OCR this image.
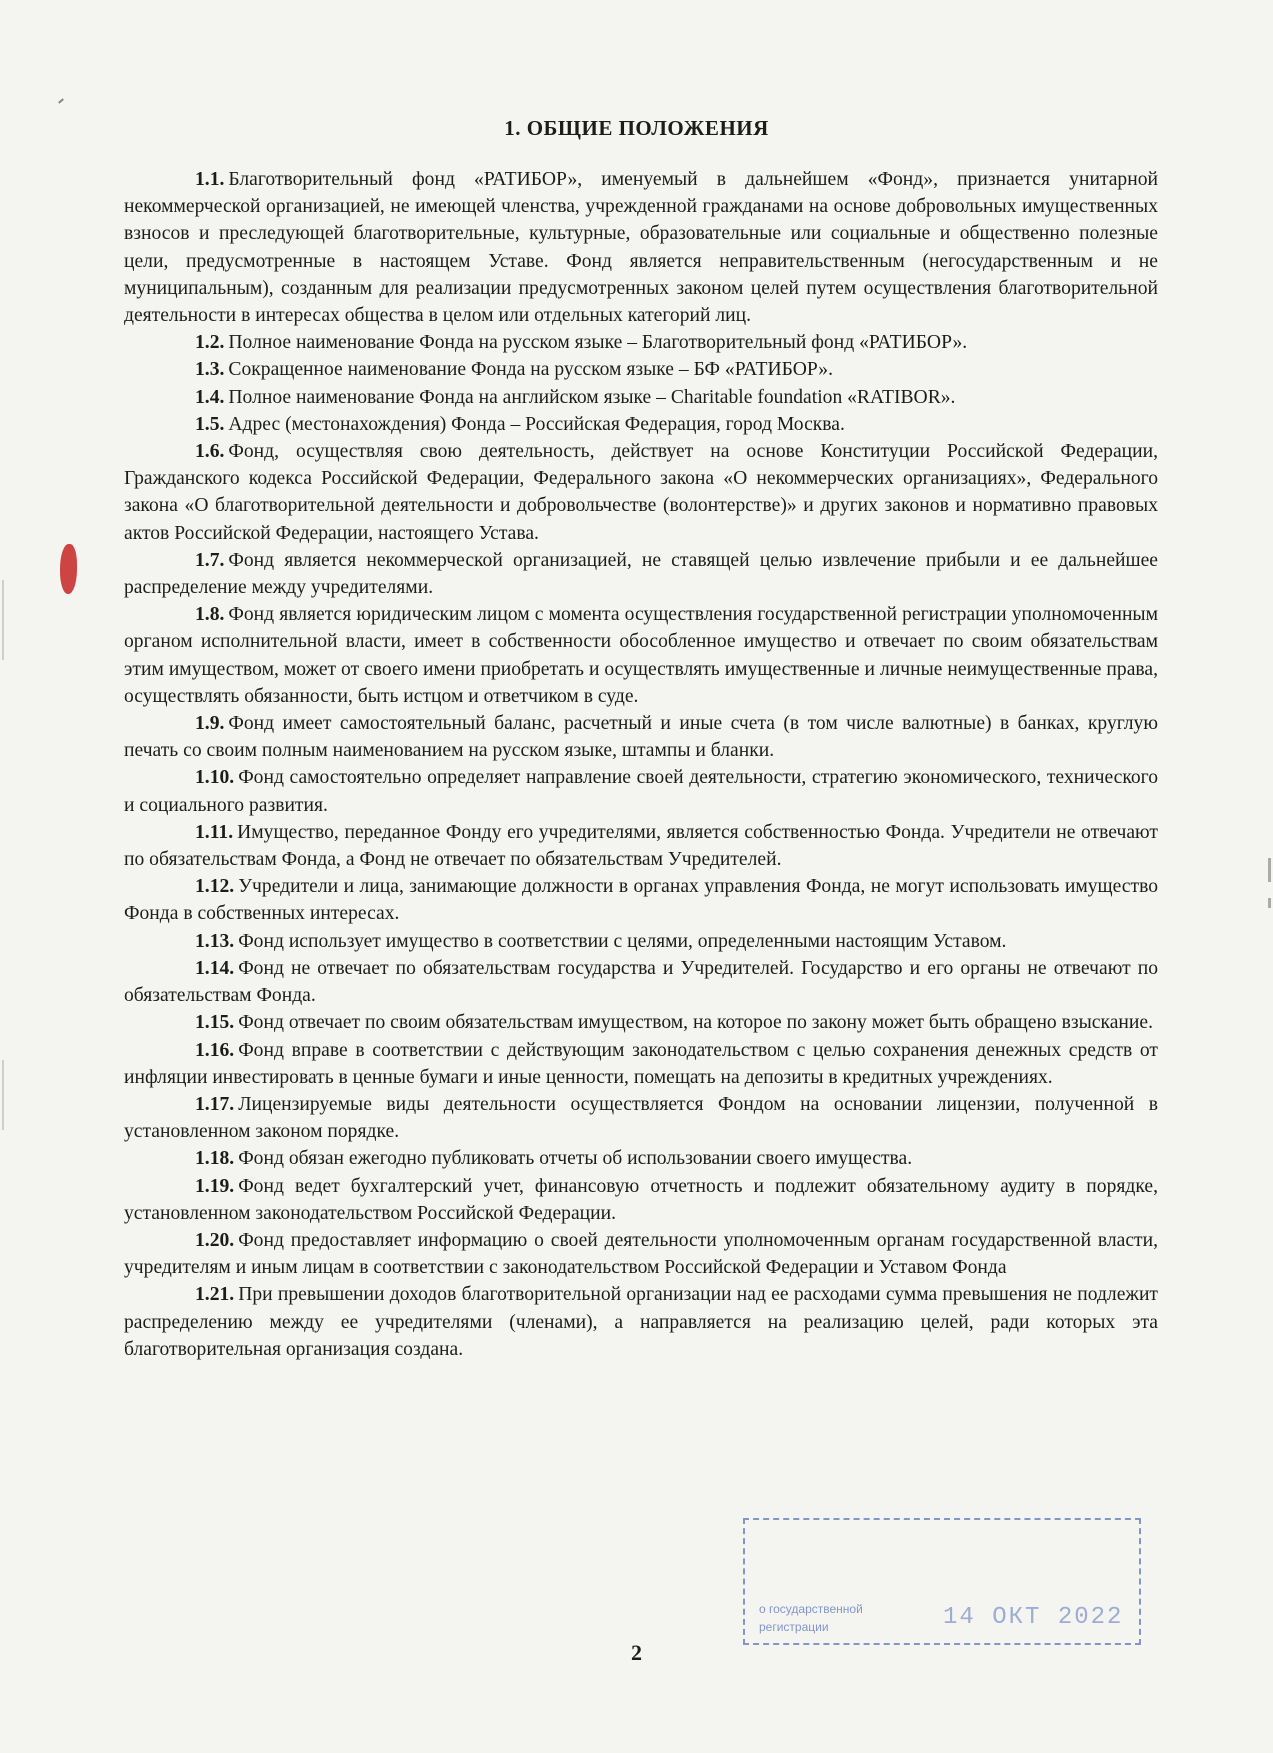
1. ОБЩИЕ ПОЛОЖЕНИЯ

1.1. Благотворительный фонд «РАТИБОР», именуемый в дальнейшем «Фонд», признается унитарной некоммерческой организацией, не имеющей членства, учрежденной гражданами на основе добровольных имущественных взносов и преследующей благотворительные, культурные, образовательные или социальные и общественно полезные цели, предусмотренные в настоящем Уставе. Фонд является неправительственным (негосударственным и не муниципальным), созданным для реализации предусмотренных законом целей путем осуществления благотворительной деятельности в интересах общества в целом или отдельных категорий лиц.

1.2. Полное наименование Фонда на русском языке – Благотворительный фонд «РАТИБОР».

1.3. Сокращенное наименование Фонда на русском языке – БФ «РАТИБОР».

1.4. Полное наименование Фонда на английском языке – Charitable foundation «RATIBOR».

1.5. Адрес (местонахождения) Фонда – Российская Федерация, город Москва.

1.6. Фонд, осуществляя свою деятельность, действует на основе Конституции Российской Федерации, Гражданского кодекса Российской Федерации, Федерального закона «О некоммерческих организациях», Федерального закона «О благотворительной деятельности и добровольчестве (волонтерстве)» и других законов и нормативно правовых актов Российской Федерации, настоящего Устава.

1.7. Фонд является некоммерческой организацией, не ставящей целью извлечение прибыли и ее дальнейшее распределение между учредителями.

1.8. Фонд является юридическим лицом с момента осуществления государственной регистрации уполномоченным органом исполнительной власти, имеет в собственности обособленное имущество и отвечает по своим обязательствам этим имуществом, может от своего имени приобретать и осуществлять имущественные и личные неимущественные права, осуществлять обязанности, быть истцом и ответчиком в суде.

1.9. Фонд имеет самостоятельный баланс, расчетный и иные счета (в том числе валютные) в банках, круглую печать со своим полным наименованием на русском языке, штампы и бланки.

1.10. Фонд самостоятельно определяет направление своей деятельности, стратегию экономического, технического и социального развития.

1.11. Имущество, переданное Фонду его учредителями, является собственностью Фонда. Учредители не отвечают по обязательствам Фонда, а Фонд не отвечает по обязательствам Учредителей.

1.12. Учредители и лица, занимающие должности в органах управления Фонда, не могут использовать имущество Фонда в собственных интересах.

1.13. Фонд использует имущество в соответствии с целями, определенными настоящим Уставом.

1.14. Фонд не отвечает по обязательствам государства и Учредителей. Государство и его органы не отвечают по обязательствам Фонда.

1.15. Фонд отвечает по своим обязательствам имуществом, на которое по закону может быть обращено взыскание.

1.16. Фонд вправе в соответствии с действующим законодательством с целью сохранения денежных средств от инфляции инвестировать в ценные бумаги и иные ценности, помещать на депозиты в кредитных учреждениях.

1.17. Лицензируемые виды деятельности осуществляется Фондом на основании лицензии, полученной в установленном законом порядке.

1.18. Фонд обязан ежегодно публиковать отчеты об использовании своего имущества.

1.19. Фонд ведет бухгалтерский учет, финансовую отчетность и подлежит обязательному аудиту в порядке, установленном законодательством Российской Федерации.

1.20. Фонд предоставляет информацию о своей деятельности уполномоченным органам государственной власти, учредителям и иным лицам в соответствии с законодательством Российской Федерации и Уставом Фонда

1.21. При превышении доходов благотворительной организации над ее расходами сумма превышения не подлежит распределению между ее учредителями (членами), а направляется на реализацию целей, ради которых эта благотворительная организация создана.

о государственной
регистрации	14 ОКТ 2022
2
